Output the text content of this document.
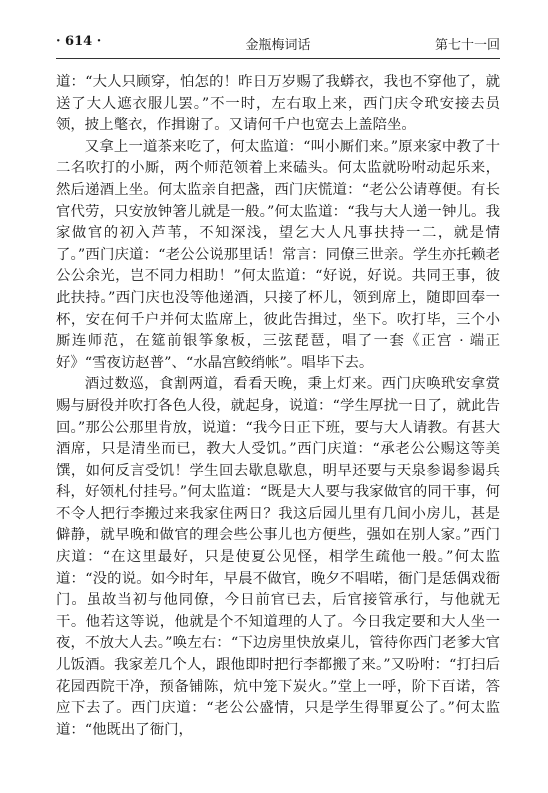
· 614 ·	金瓶梅词话	第七十一回

道：“大人只顾穿，怕怎的！昨日万岁赐了我蟒衣，我也不穿他了，就送了大人遮衣服儿罢。”不一时，左右取上来，西门庆令玳安接去员领，披上氅衣，作揖谢了。又请何千户也宽去上盖陪坐。

又拿上一道茶来吃了，何太监道：“叫小厮们来。”原来家中教了十二名吹打的小厮，两个师范领着上来磕头。何太监就吩咐动起乐来，然后递酒上坐。何太监亲自把盏，西门庆慌道：“老公公请尊便。有长官代劳，只安放钟箸儿就是一般。”何太监道：“我与大人递一钟儿。我家做官的初入芦苇，不知深浅，望乞大人凡事扶持一二，就是情了。”西门庆道：“老公公说那里话！常言：同僚三世亲。学生亦托赖老公公余光，岂不同力相助！”何太监道：“好说，好说。共同王事，彼此扶持。”西门庆也没等他递酒，只接了杯儿，领到席上，随即回奉一杯，安在何千户并何太监席上，彼此告揖过，坐下。吹打毕，三个小厮连师范，在筵前银筝象板，三弦琵琶，唱了一套《正宫 · 端正好》“雪夜访赵普”、“水晶宫鲛绡帐”。唱毕下去。

酒过数巡，食割两道，看看天晚，秉上灯来。西门庆唤玳安拿赏赐与厨役并吹打各色人役，就起身，说道：“学生厚扰一日了，就此告回。”那公公那里肯放，说道：“我今日正下班，要与大人请教。有甚大酒席，只是清坐而已，教大人受饥。”西门庆道：“承老公公赐这等美馔，如何反言受饥！学生回去歇息歇息，明早还要与天泉参谒参谒兵科，好领札付挂号。”何太监道：“既是大人要与我家做官的同干事，何不令人把行李搬过来我家住两日？我这后园儿里有几间小房儿，甚是僻静，就早晚和做官的理会些公事儿也方便些，强如在别人家。”西门庆道：“在这里最好，只是使夏公见怪，相学生疏他一般。”何太监道：“没的说。如今时年，早晨不做官，晚夕不唱喏，衙门是恁偶戏衙门。虽故当初与他同僚，今日前官已去，后官接管承行，与他就无干。他若这等说，他就是个不知道理的人了。今日我定要和大人坐一夜，不放大人去。”唤左右：“下边房里快放桌儿，管待你西门老爹大官儿饭酒。我家差几个人，跟他即时把行李都搬了来。”又吩咐：“打扫后花园西院干净，预备铺陈，炕中笼下炭火。”堂上一呼，阶下百诺，答应下去了。西门庆道：“老公公盛情，只是学生得罪夏公了。”何太监道：“他既出了衙门，
